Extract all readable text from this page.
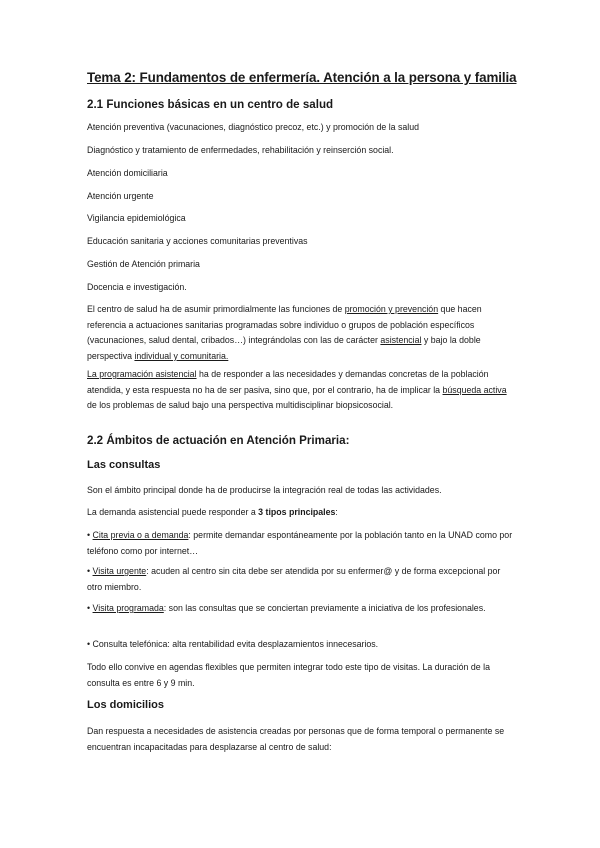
Tema 2: Fundamentos de enfermería. Atención a la persona y familia
2.1 Funciones básicas en un centro de salud
Atención preventiva (vacunaciones, diagnóstico precoz, etc.) y promoción de la salud
Diagnóstico y tratamiento de enfermedades, rehabilitación y reinserción social.
Atención domiciliaria
Atención urgente
Vigilancia epidemiológica
Educación sanitaria y acciones comunitarias preventivas
Gestión de Atención primaria
Docencia e investigación.

El centro de salud ha de asumir primordialmente las funciones de promoción y prevención que hacen referencia a actuaciones sanitarias programadas sobre individuo o grupos de población específicos (vacunaciones, salud dental, cribados…) integrándolas con las de carácter asistencial y bajo la doble perspectiva individual y comunitaria.

La programación asistencial ha de responder a las necesidades y demandas concretas de la población atendida, y esta respuesta no ha de ser pasiva, sino que, por el contrario, ha de implicar la búsqueda activa de los problemas de salud bajo una perspectiva multidisciplinar biopsicosocial.

2.2 Ámbitos de actuación en Atención Primaria:
Las consultas
Son el ámbito principal donde ha de producirse la integración real de todas las actividades.
La demanda asistencial puede responder a 3 tipos principales:

• Cita previa o a demanda: permite demandar espontáneamente por la población tanto en la UNAD como por teléfono como por internet…

• Visita urgente: acuden al centro sin cita debe ser atendida por su enfermer@ y de forma excepcional por otro miembro.

• Visita programada: son las consultas que se conciertan previamente a iniciativa de los profesionales.

• Consulta telefónica: alta rentabilidad evita desplazamientos innecesarios.

Todo ello convive en agendas flexibles que permiten integrar todo este tipo de visitas. La duración de la consulta es entre 6 y 9 min.

Los domicilios

Dan respuesta a necesidades de asistencia creadas por personas que de forma temporal o permanente se encuentran incapacitadas para desplazarse al centro de salud:
